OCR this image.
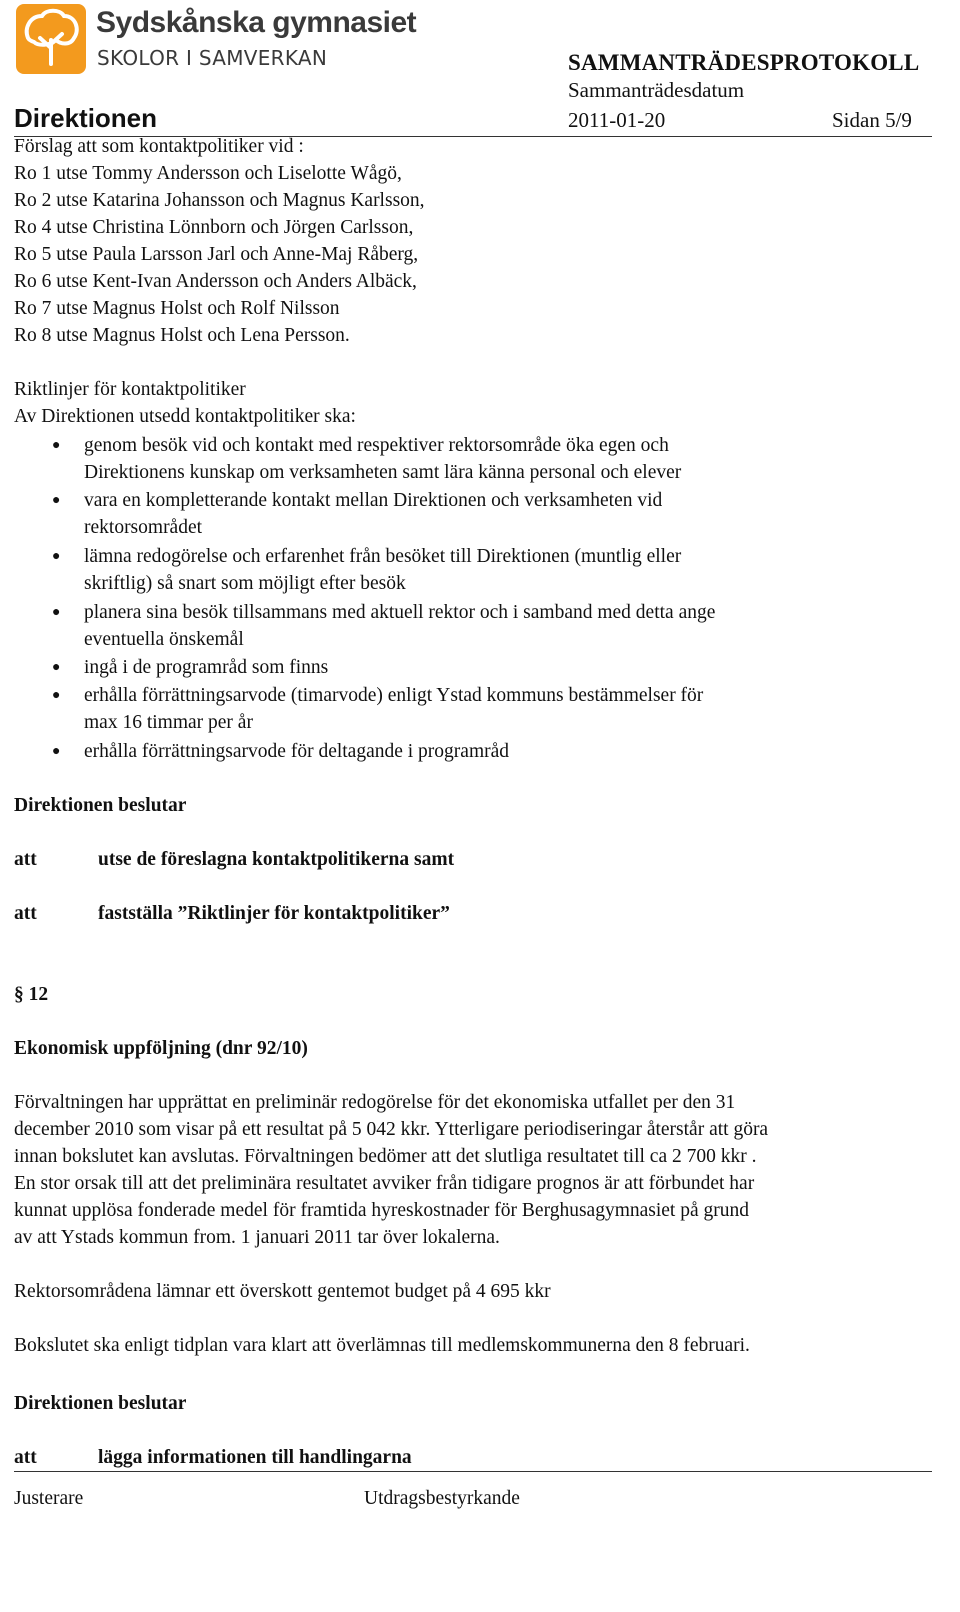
Sydskånska gymnasiet
SKOLOR I SAMVERKAN	SAMMANTRÄDESPROTOKOLL
Sammanträdesdatum
Direktionen	2011-01-20	Sidan 5/9
Förslag att som kontaktpolitiker vid :
Ro 1 utse Tommy Andersson och Liselotte Wågö,
Ro 2 utse Katarina Johansson och Magnus Karlsson,
Ro 4 utse Christina Lönnborn och Jörgen Carlsson,
Ro 5 utse Paula Larsson Jarl och Anne-Maj Råberg,
Ro 6 utse Kent-Ivan Andersson och Anders Albäck,
Ro 7 utse Magnus Holst och Rolf Nilsson
Ro 8 utse Magnus Holst och Lena Persson.
Riktlinjer för kontaktpolitiker
Av Direktionen utsedd kontaktpolitiker ska:
● genom besök vid och kontakt med respektiver rektorsområde öka egen och
Direktionens kunskap om verksamheten samt lära känna personal och elever
● vara en kompletterande kontakt mellan Direktionen och verksamheten vid
rektorsområdet
● lämna redogörelse och erfarenhet från besöket till Direktionen (muntlig eller
skriftlig) så snart som möjligt efter besök
● planera sina besök tillsammans med aktuell rektor och i samband med detta ange
eventuella önskemål
● ingå i de programråd som finns
● erhålla förrättningsarvode (timarvode) enligt Ystad kommuns bestämmelser för
max 16 timmar per år
● erhålla förrättningsarvode för deltagande i programråd
Direktionen beslutar
att	utse de föreslagna kontaktpolitikerna samt
att	fastställa ”Riktlinjer för kontaktpolitiker”
§ 12
Ekonomisk uppföljning (dnr 92/10)
Förvaltningen har upprättat en preliminär redogörelse för det ekonomiska utfallet per den 31
december 2010 som visar på ett resultat på 5 042 kkr. Ytterligare periodiseringar återstår att göra
innan bokslutet kan avslutas. Förvaltningen bedömer att det slutliga resultatet till ca 2 700 kkr .
En stor orsak till att det preliminära resultatet avviker från tidigare prognos är att förbundet har
kunnat upplösa fonderade medel för framtida hyreskostnader för Berghusagymnasiet på grund
av att Ystads kommun from. 1 januari 2011 tar över lokalerna.
Rektorsområdena lämnar ett överskott gentemot budget på 4 695 kkr
Bokslutet ska enligt tidplan vara klart att överlämnas till medlemskommunerna den 8 februari.
Direktionen beslutar
att	lägga informationen till handlingarna
Justerare	Utdragsbestyrkande
